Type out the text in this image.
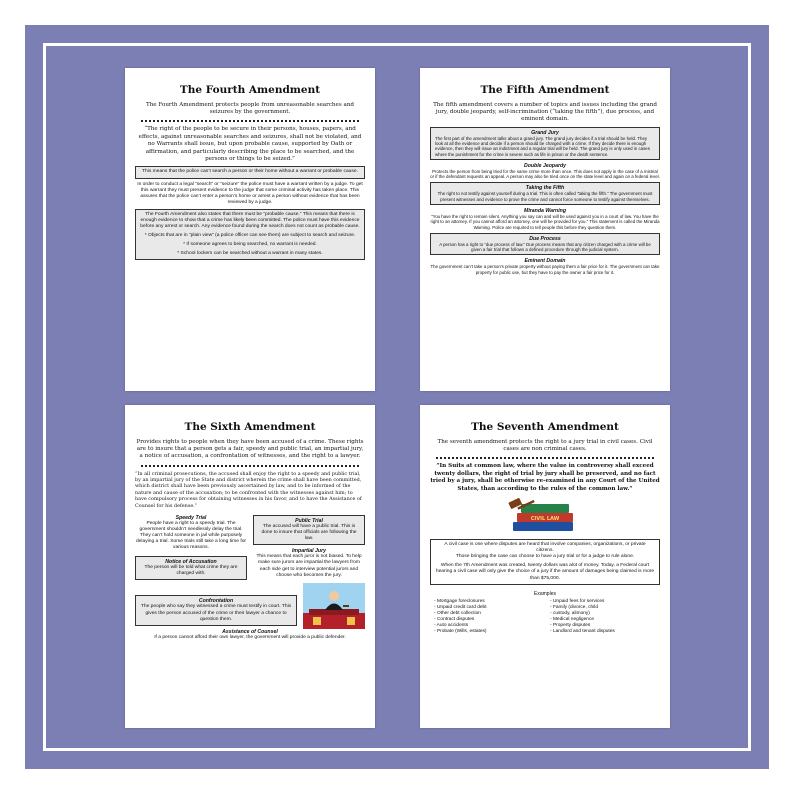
The Fourth Amendment

The Fourth Amendment protects people from unreasonable searches and seizures by the government.

“The right of the people to be secure in their persons, houses, papers, and effects, against unreasonable searches and seizures, shall not be violated, and no Warrants shall issue, but upon probable cause, supported by Oath or affirmation, and particularly describing the place to be searched, and the persons or things to be seized.”

This means that the police can’t search a person or their home without a warrant or probable cause.

In order to conduct a legal “search” or “seizure” the police must have a warrant written by a judge. To get this warrant they must present evidence to the judge that some criminal activity has taken place. This assures that the police can’t enter a person’s home or arrest a person without evidence that has been reviewed by a judge.

The Fourth Amendment also states that there must be “probable cause.” This means that there is enough evidence to show that a crime has likely been committed. The police must have this evidence before any arrest or search. Any evidence found during the search does not count as probable cause.

* Objects that are in “plain view” (a police officer can see them) are subject to search and seizure.

* If someone agrees to being searched, no warrant is needed.

* School lockers can be searched without a warrant in many states.

The Fifth Amendment

The fifth amendment covers a number of topics and issues including the grand jury, double jeopardy, self-incrimination (“taking the fifth”), due process, and eminent domain.

Grand Jury

The first part of the amendment talks about a grand jury. The grand jury decides if a trial should be held. They look at all the evidence and decide if a person should be charged with a crime. If they decide there is enough evidence, then they will issue an indictment and a regular trial will be held. The grand jury is only used in cases where the punishment for the crime is severe such as life in prison or the death sentence.

Double Jeopardy

Protects the person from being tried for the same crime more than once. This does not apply in the case of a mistrial or if the defendant requests an appeal. A person may also be tried once on the state level and again on a federal level.

Taking the Fifth

The right to not testify against yourself during a trial. This is often called “taking the fifth.” The government must present witnesses and evidence to prove the crime and cannot force someone to testify against themselves.

Miranda Warning

“You have the right to remain silent. Anything you say can and will be used against you in a court of law. You have the right to an attorney. If you cannot afford an attorney, one will be provided for you.” This statement is called the Miranda Warning. Police are required to tell people this before they question them.

Due Process

A person has a right to “due process of law.” Due process means that any citizen charged with a crime will be given a fair trial that follows a defined procedure through the judicial system.

Eminent Domain

The government can’t take a person’s private property without paying them a fair price for it. The government can take property for public use, but they have to pay the owner a fair price for it.

The Sixth Amendment

Provides rights to people when they have been accused of a crime. These rights are to insure that a person gets a fair, speedy and public trial, an impartial jury, a notice of accusation, a confrontation of witnesses, and the right to a lawyer.

“In all criminal prosecutions, the accused shall enjoy the right to a speedy and public trial, by an impartial jury of the State and district wherein the crime shall have been committed, which district shall have been previously ascertained by law, and to be informed of the nature and cause of the accusation; to be confronted with the witnesses against him; to have compulsory process for obtaining witnesses in his favor, and to have the Assistance of Counsel for his defense.”

Speedy Trial

People have a right to a speedy trial. The government shouldn’t needlessly delay the trial. They can’t hold someone in jail while purposely delaying a trial. Some trials still take a long time for various reasons.

Notice of Accusation

The person will be told what crime they are charged with.

Public Trial

The accused will have a public trial. This is done to insure that officials are following the law.

Impartial Jury

This means that each juror is not biased. To help make sure jurors are impartial the lawyers from each side get to interview potential jurors and choose who becomes the jury.

Confrontation

The people who say they witnessed a crime must testify in court. This gives the person accused of the crime or their lawyer a chance to question them.

Assistance of Counsel

If a person cannot afford their own lawyer, the government will provide a public defender.

The Seventh Amendment

The seventh amendment protects the right to a jury trial in civil cases. Civil cases are non criminal cases.

“In Suits at common law, where the value in controversy shall exceed twenty dollars, the right of trial by jury shall be preserved, and no fact tried by a jury, shall be otherwise re-examined in any Court of the United States, than according to the rules of the common law.”

CIVIL LAW

A civil case is one where disputes are heard that involve companies, organizations, or private citizens.

Those bringing the case can choose to have a jury trial or for a judge to rule alone.

When the 7th Amendment was created, twenty dollars was alot of money. Today, a Federal court hearing a civil case will only give the choice of a jury if the amount of damages being claimed is more than $75,000.

Examples

- Mortgage foreclosures
- Unpaid credit card debt
- Other debt collection
- Contract disputes
- Auto accidents
- Probate (Wills, estates)
- Unpaid fees for services
- Family (divorce, child
- custody, alimony)
- Medical negligence
- Property disputes
- Landlord and tenant disputes
